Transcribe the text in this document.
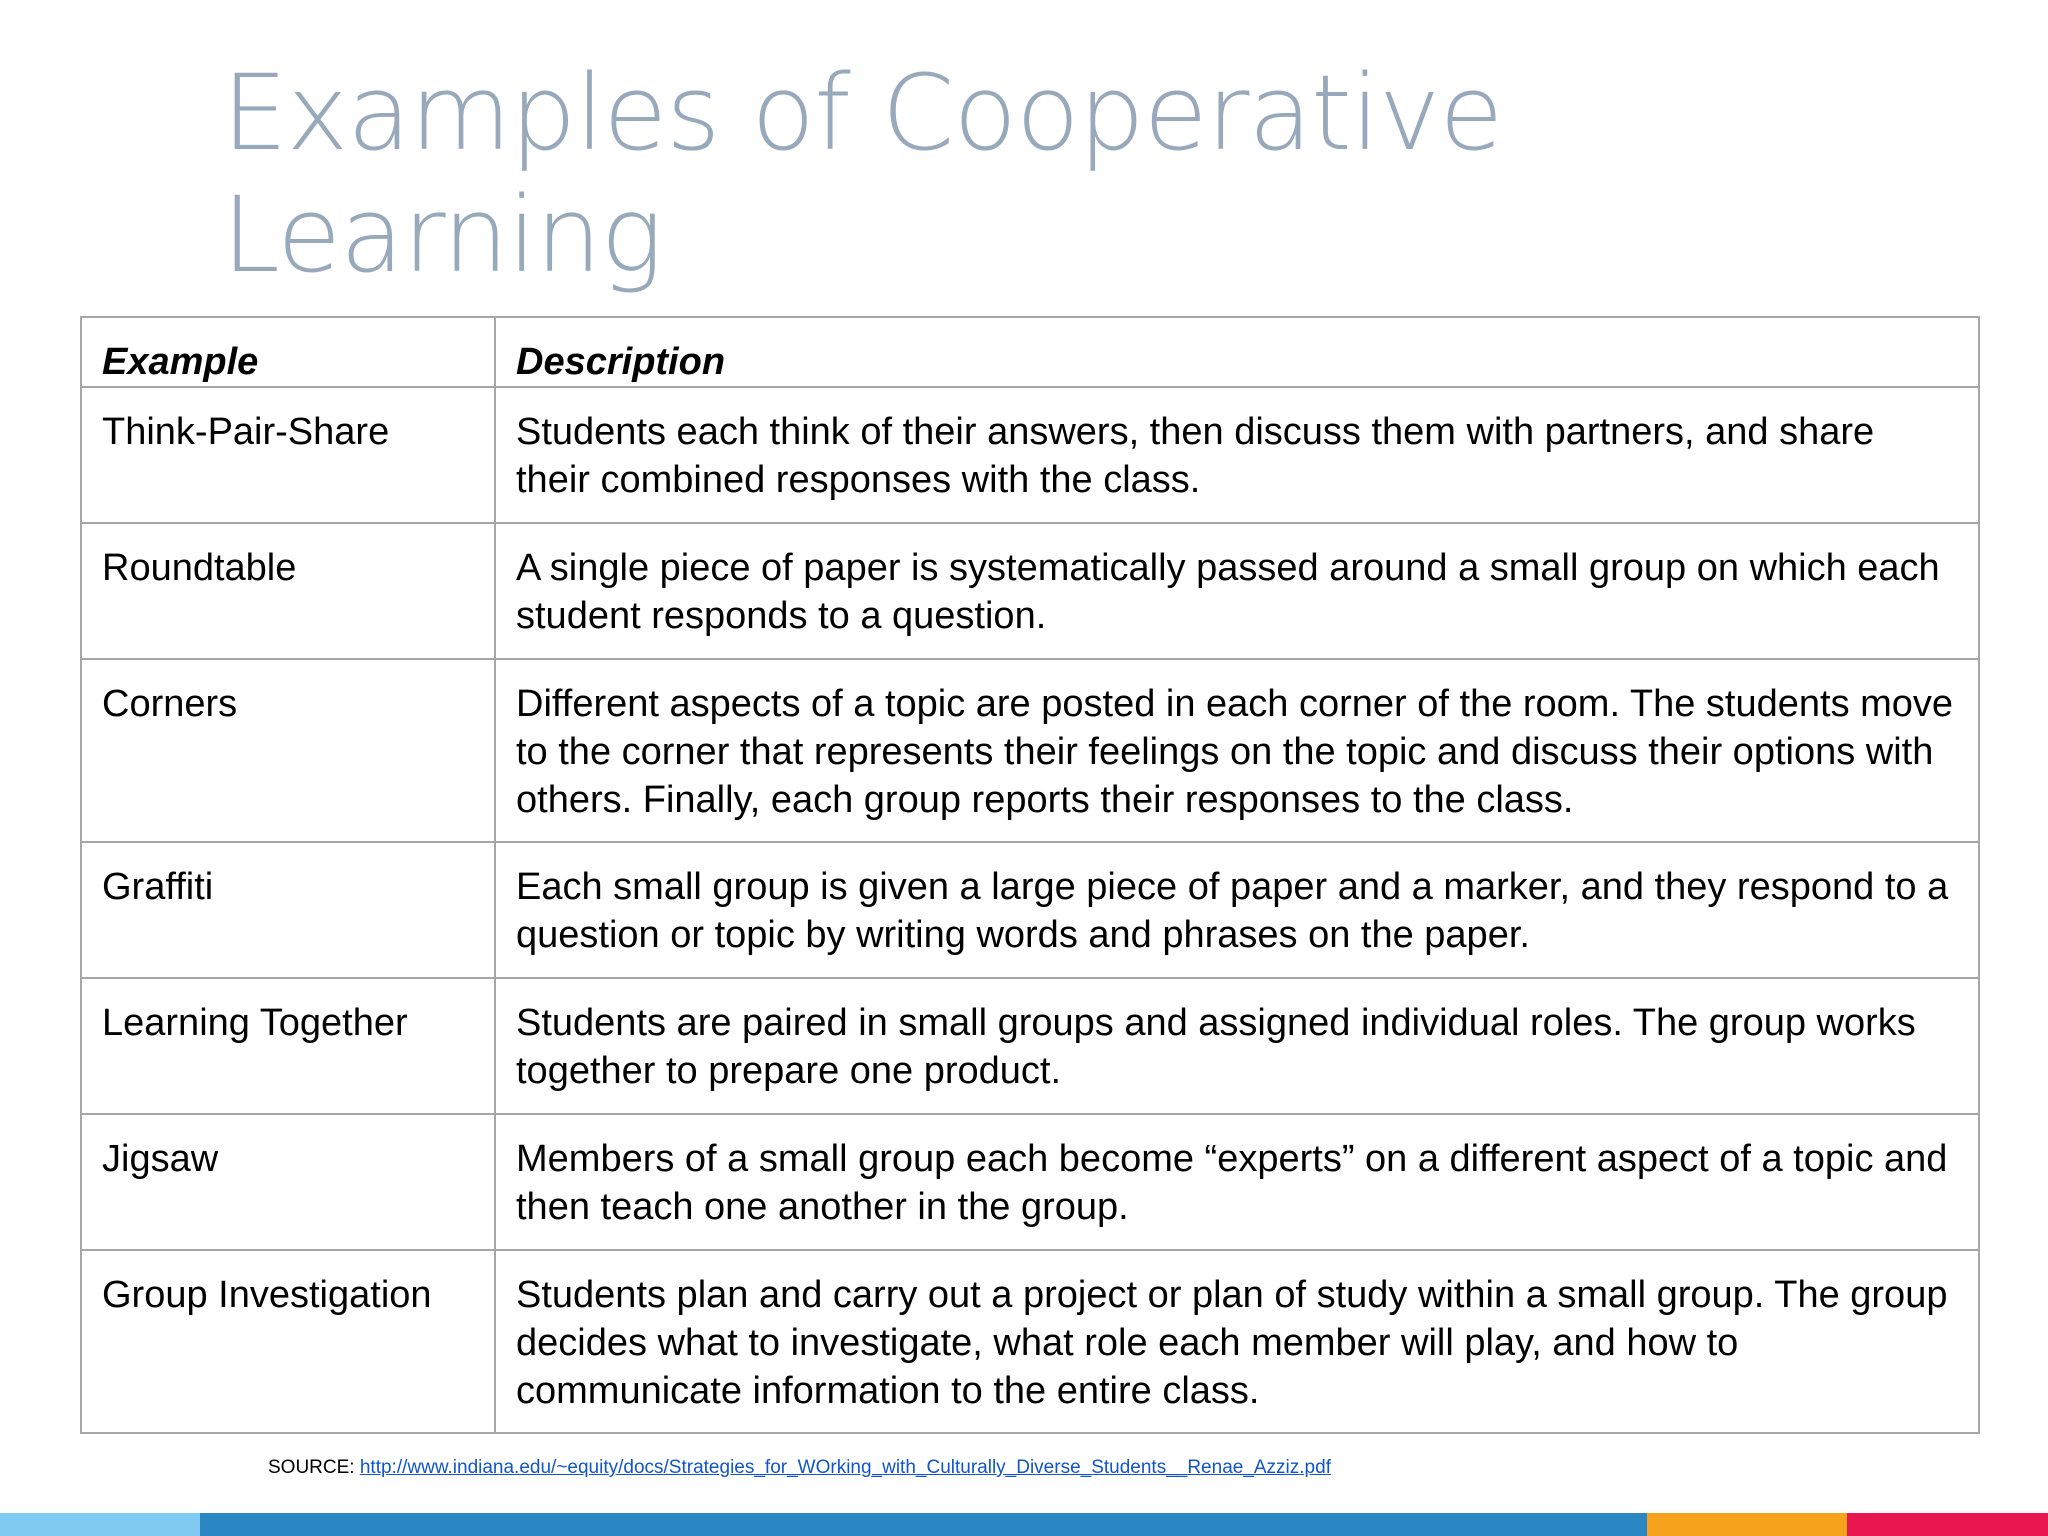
Examples of Cooperative Learning
Example	Description
Think-Pair-Share	Students each think of their answers, then discuss them with partners, and share their combined responses with the class.
Roundtable	A single piece of paper is systematically passed around a small group on which each student responds to a question.
Corners	Different aspects of a topic are posted in each corner of the room. The students move to the corner that represents their feelings on the topic and discuss their options with others. Finally, each group reports their responses to the class.
Graffiti	Each small group is given a large piece of paper and a marker, and they respond to a question or topic by writing words and phrases on the paper.
Learning Together	Students are paired in small groups and assigned individual roles. The group works together to prepare one product.
Jigsaw	Members of a small group each become “experts” on a different aspect of a topic and then teach one another in the group.
Group Investigation	Students plan and carry out a project or plan of study within a small group. The group decides what to investigate, what role each member will play, and how to communicate information to the entire class.
SOURCE: http://www.indiana.edu/~equity/docs/Strategies_for_WOrking_with_Culturally_Diverse_Students__Renae_Azziz.pdf
